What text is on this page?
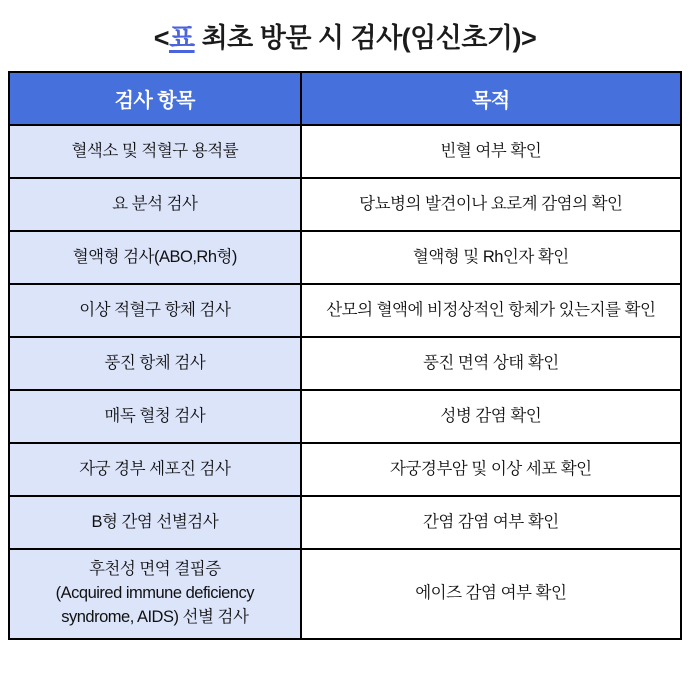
<표 최초 방문 시 검사(임신초기)>
검사 항목	목적
혈색소 및 적혈구 용적률	빈혈 여부 확인
요 분석 검사	당뇨병의 발견이나 요로계 감염의 확인
혈액형 검사(ABO,Rh형)	혈액형 및 Rh인자 확인
이상 적혈구 항체 검사	산모의 혈액에 비정상적인 항체가 있는지를 확인
풍진 항체 검사	풍진 면역 상태 확인
매독 혈청 검사	성병 감염 확인
자궁 경부 세포진 검사	자궁경부암 및 이상 세포 확인
B형 간염 선별검사	간염 감염 여부 확인
후천성 면역 결핍증
(Acquired immune deficiency
syndrome, AIDS) 선별 검사	에이즈 감염 여부 확인
